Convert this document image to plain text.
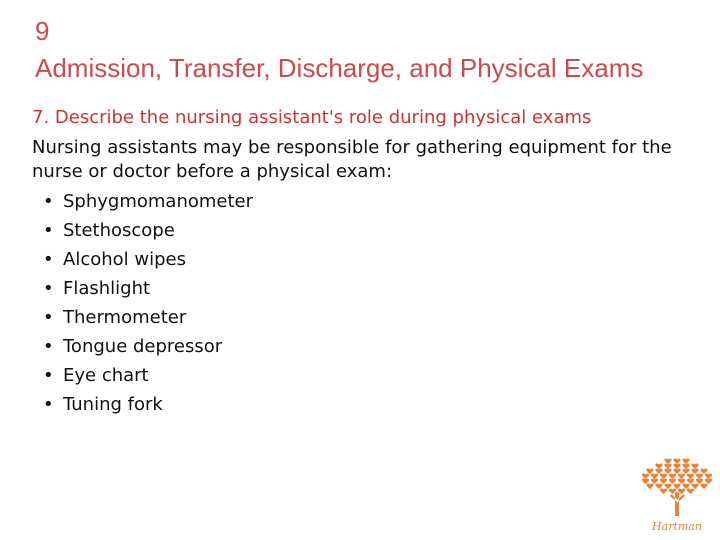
9
Admission, Transfer, Discharge, and Physical Exams
7. Describe the nursing assistant's role during physical exams
Nursing assistants may be responsible for gathering equipment for the nurse or doctor before a physical exam:
• Sphygmomanometer
• Stethoscope
• Alcohol wipes
• Flashlight
• Thermometer
• Tongue depressor
• Eye chart
• Tuning fork
Hartman
